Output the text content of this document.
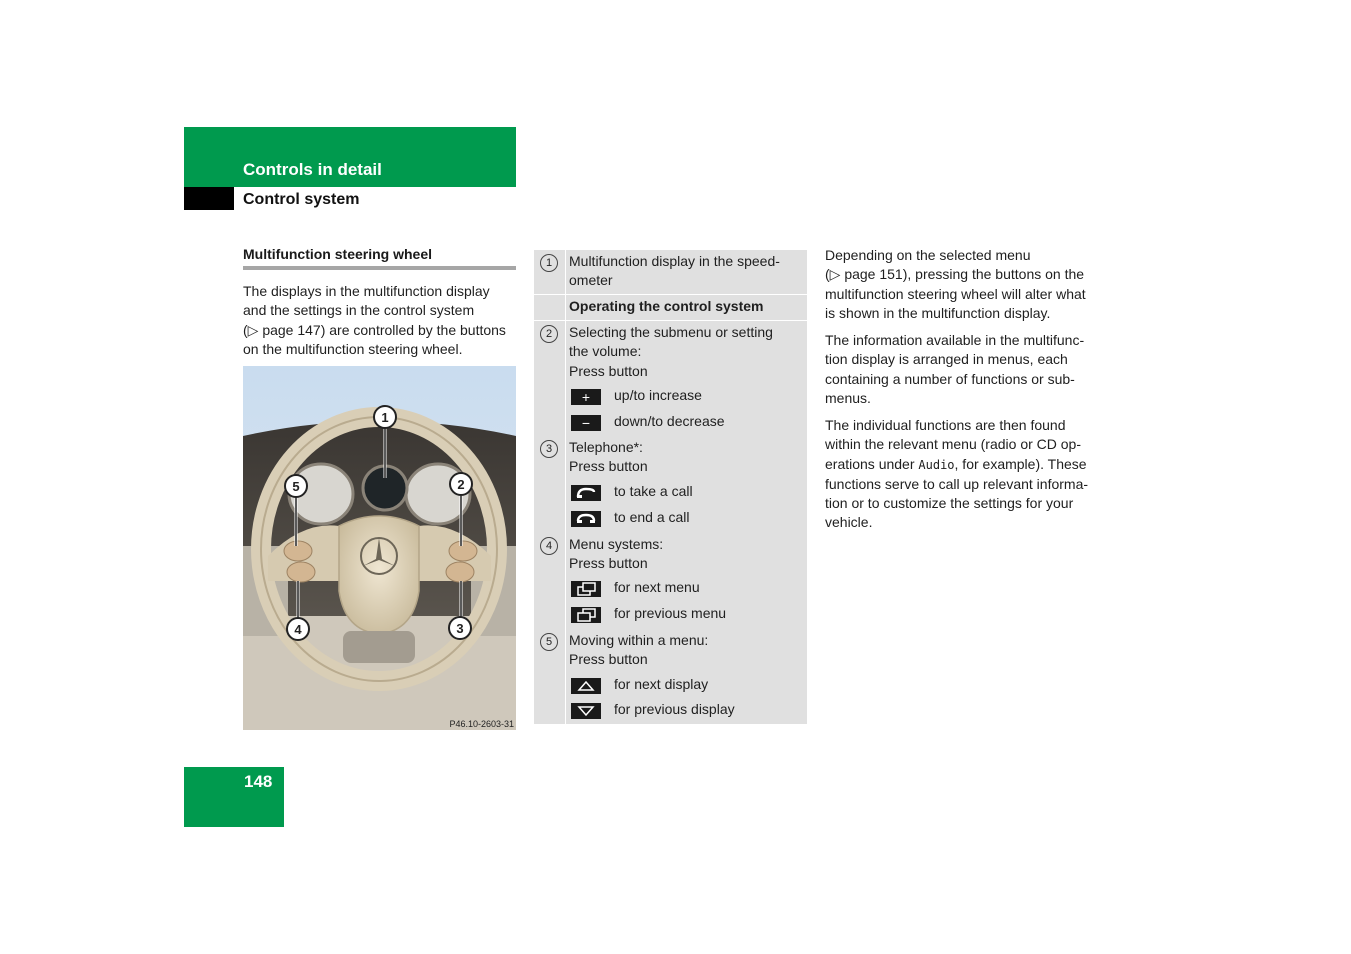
Controls in detail
Control system
Multifunction steering wheel
The displays in the multifunction display
and the settings in the control system
(▷ page 147) are controlled by the buttons
on the multifunction steering wheel.
1
2
3
4
5
P46.10-2603-31
1	Multifunction display in the speed-
ometer
Operating the control system
2	Selecting the submenu or setting
the volume:
Press button
+	up/to increase
−	down/to decrease
3	Telephone*:
Press button
to take a call
to end a call
4	Menu systems:
Press button
for next menu
for previous menu
5	Moving within a menu:
Press button
for next display
for previous display
Depending on the selected menu
(▷ page 151), pressing the buttons on the
multifunction steering wheel will alter what
is shown in the multifunction display.
The information available in the multifunc-
tion display is arranged in menus, each
containing a number of functions or sub-
menus.
The individual functions are then found
within the relevant menu (radio or CD op-
erations under Audio, for example). These
functions serve to call up relevant informa-
tion or to customize the settings for your
vehicle.
148
